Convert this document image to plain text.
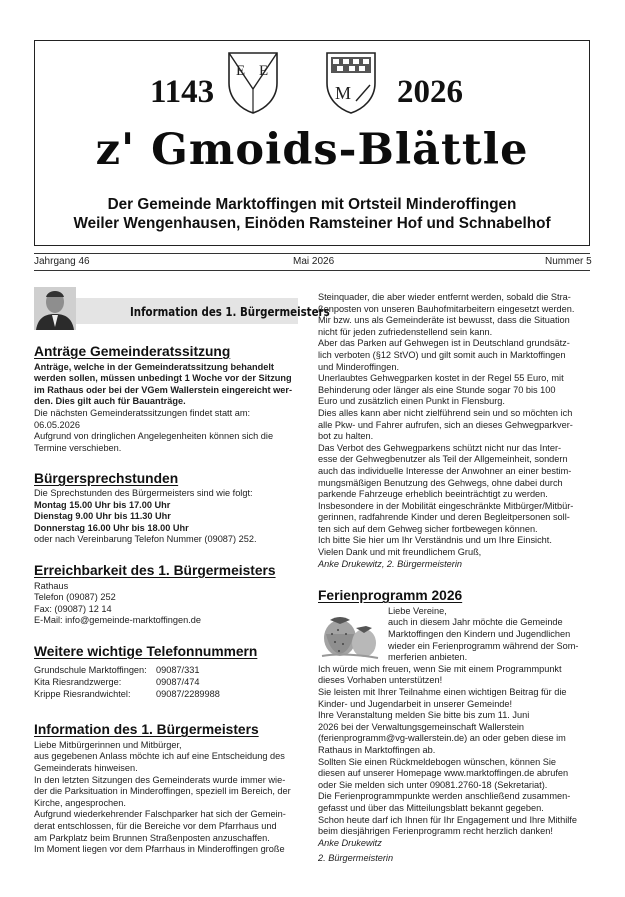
1143
E E
M 2026
z' Gmoids-Blättle
Der Gemeinde Marktoffingen mit Ortsteil Minderoffingen
Weiler Wengenhausen, Einöden Ramsteiner Hof und Schnabelhof
Jahrgang 46	Mai 2026	Nummer 5
Information des 1. Bürgermeisters
Anträge Gemeinderatssitzung

Anträge, welche in der Gemeinderatssitzung behandelt

werden sollen, müssen unbedingt 1 Woche vor der Sitzung

im Rathaus oder bei der VGem Wallerstein eingereicht wer-

den. Dies gilt auch für Bauanträge.

Die nächsten Gemeinderatssitzungen findet statt am:

06.05.2026

Aufgrund von dringlichen Angelegenheiten können sich die

Termine verschieben.

Bürgersprechstunden

Die Sprechstunden des Bürgermeisters sind wie folgt:

Montag 15.00 Uhr bis 17.00 Uhr

Dienstag 9.00 Uhr bis 11.30 Uhr

Donnerstag 16.00 Uhr bis 18.00 Uhr

oder nach Vereinbarung Telefon Nummer (09087) 252.

Erreichbarkeit des 1. Bürgermeisters

Rathaus

Telefon (09087) 252

Fax: (09087) 12 14

E-Mail: info@gemeinde-marktoffingen.de

Weitere wichtige Telefonnummern
Grundschule Marktoffingen:	09087/331
Kita Riesrandzwerge:	09087/474
Krippe Riesrandwichtel:	09087/2289988
Information des 1. Bürgermeisters

Liebe Mitbürgerinnen und Mitbürger,

aus gegebenen Anlass möchte ich auf eine Entscheidung des

Gemeinderats hinweisen.

In den letzten Sitzungen des Gemeinderats wurde immer wie-

der die Parksituation in Minderoffingen, speziell im Bereich, der

Kirche, angesprochen.

Aufgrund wiederkehrender Falschparker hat sich der Gemein-

derat entschlossen, für die Bereiche vor dem Pfarrhaus und

am Parkplatz beim Brunnen Straßenposten anzuschaffen.

Im Moment liegen vor dem Pfarrhaus in Minderoffingen große

Steinquader, die aber wieder entfernt werden, sobald die Stra-

ßenposten von unseren Bauhofmitarbeitern eingesetzt werden.

Mir bzw. uns als Gemeinderäte ist bewusst, dass die Situation

nicht für jeden zufriedenstellend sein kann.

Aber das Parken auf Gehwegen ist in Deutschland grundsätz-

lich verboten (§12 StVO) und gilt somit auch in Marktoffingen

und Minderoffingen.

Unerlaubtes Gehwegparken kostet in der Regel 55 Euro, mit

Behinderung oder länger als eine Stunde sogar 70 bis 100

Euro und zusätzlich einen Punkt in Flensburg.

Dies alles kann aber nicht zielführend sein und so möchten ich

alle Pkw- und Fahrer aufrufen, sich an dieses Gehwegparkver-

bot zu halten.

Das Verbot des Gehwegparkens schützt nicht nur das Inter-

esse der Gehwegbenutzer als Teil der Allgemeinheit, sondern

auch das individuelle Interesse der Anwohner an einer bestim-

mungsmäßigen Benutzung des Gehwegs, ohne dabei durch

parkende Fahrzeuge erheblich beeinträchtigt zu werden.

Insbesondere in der Mobilität eingeschränkte Mitbürger/Mitbür-

gerinnen, radfahrende Kinder und deren Begleitpersonen soll-

ten sich auf dem Gehweg sicher fortbewegen können.

Ich bitte Sie hier um Ihr Verständnis und um Ihre Einsicht.

Vielen Dank und mit freundlichem Gruß,

Anke Drukewitz, 2. Bürgermeisterin

Ferienprogramm 2026

Liebe Vereine,

auch in diesem Jahr möchte die Gemeinde

Marktoffingen den Kindern und Jugendlichen

wieder ein Ferienprogramm während der Som-

merferien anbieten.

Ich würde mich freuen, wenn Sie mit einem Programmpunkt

dieses Vorhaben unterstützen!

Sie leisten mit Ihrer Teilnahme einen wichtigen Beitrag für die

Kinder- und Jugendarbeit in unserer Gemeinde!

Ihre Veranstaltung melden Sie bitte bis zum 11. Juni

2026 bei der Verwaltungsgemeinschaft Wallerstein

(ferienprogramm@vg-wallerstein.de) an oder geben diese im

Rathaus in Marktoffingen ab.

Sollten Sie einen Rückmeldebogen wünschen, können Sie

diesen auf unserer Homepage www.marktoffingen.de abrufen

oder Sie melden sich unter 09081.2760-18 (Sekretariat).

Die Ferienprogrammpunkte werden anschließend zusammen-

gefasst und über das Mitteilungsblatt bekannt gegeben.

Schon heute darf ich Ihnen für Ihr Engagement und Ihre Mithilfe

beim diesjährigen Ferienprogramm recht herzlich danken!

Anke Drukewitz

2. Bürgermeisterin
